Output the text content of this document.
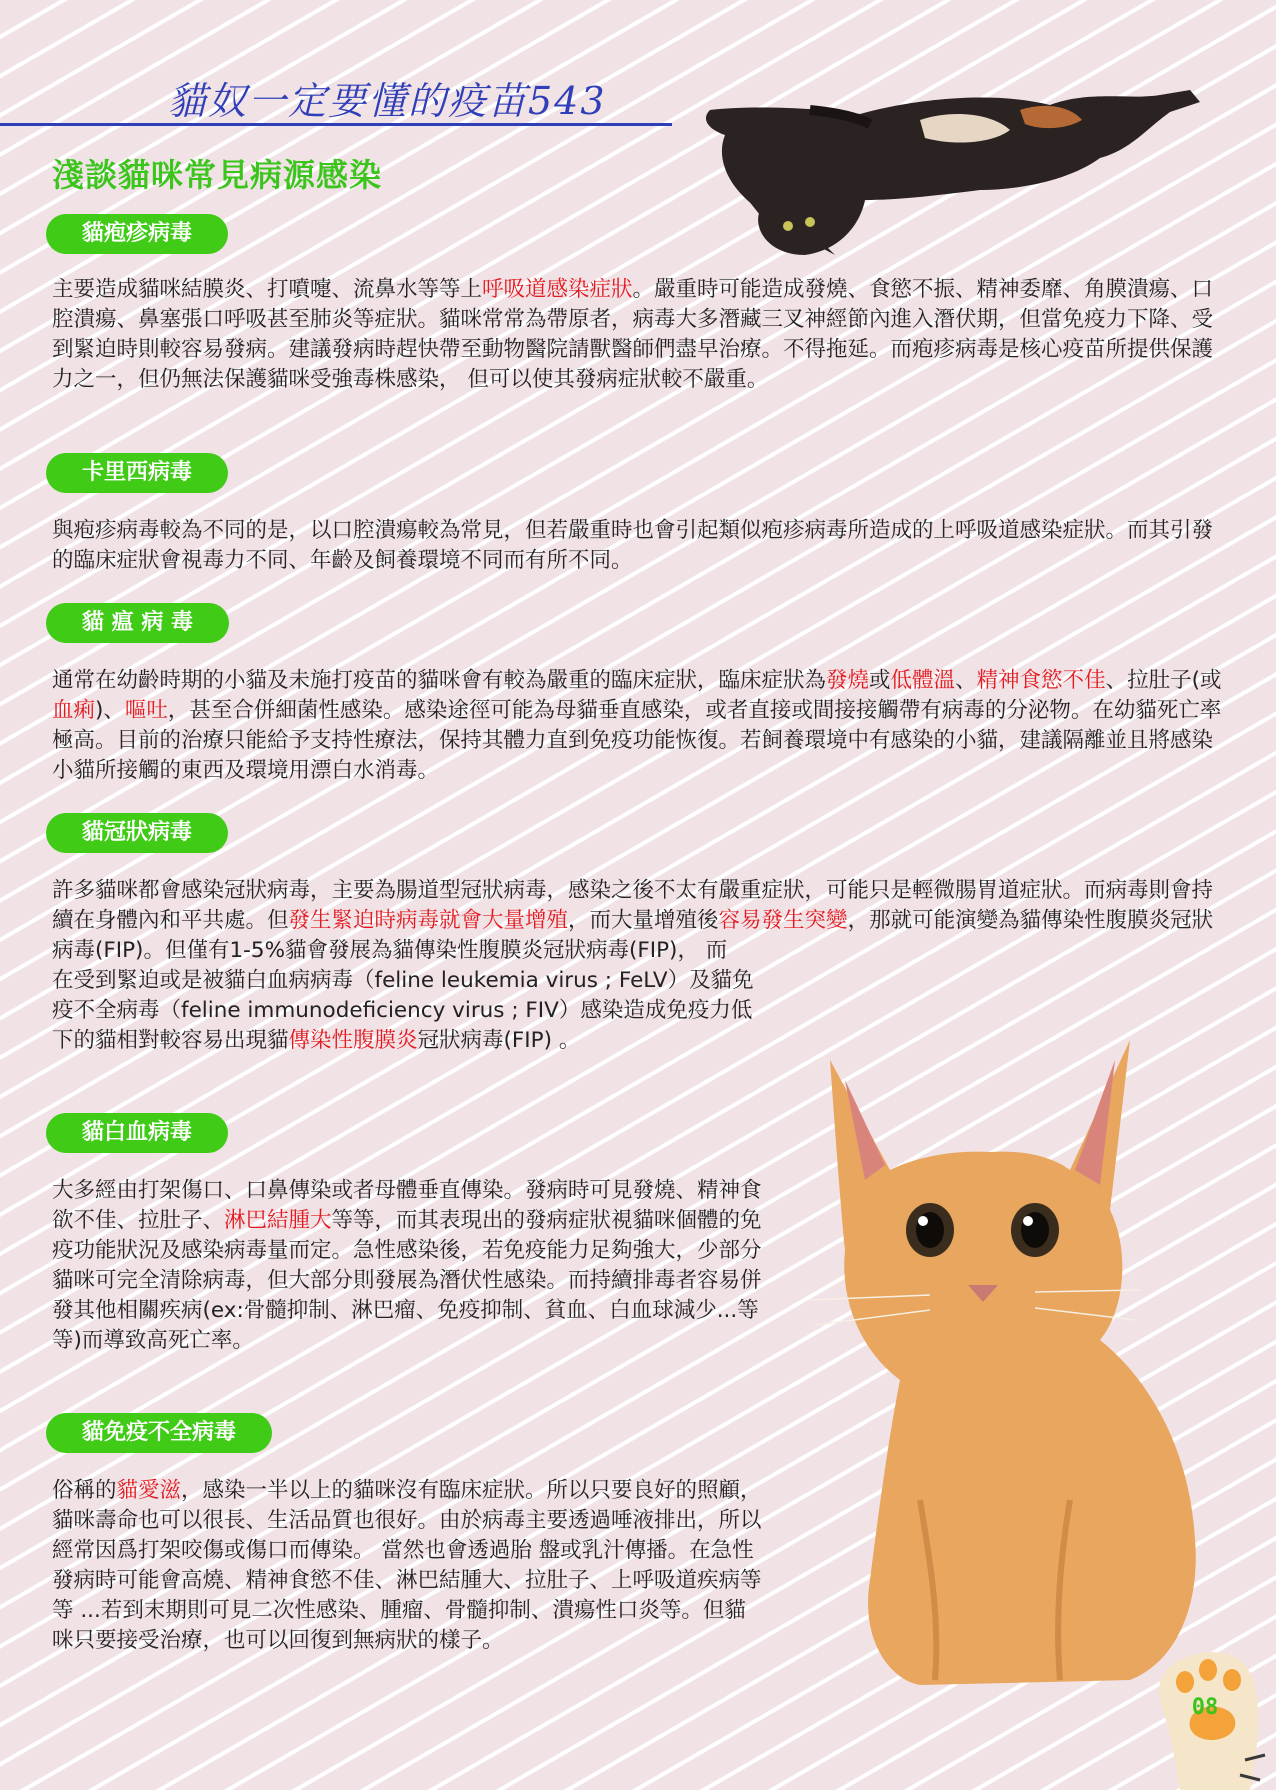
貓奴一定要懂的疫苗543
淺談貓咪常見病源感染
08
貓疱疹病毒
主要造成貓咪結膜炎、打噴嚏、流鼻水等等上呼吸道感染症狀。嚴重時可能造成發燒、食慾不振、精神委靡、角膜潰瘍、口腔潰瘍、鼻塞張口呼吸甚至肺炎等症狀。貓咪常常為帶原者，病毒大多潛藏三叉神經節內進入潛伏期，但當免疫力下降、受到緊迫時則較容易發病。建議發病時趕快帶至動物醫院請獸醫師們盡早治療。不得拖延。而疱疹病毒是核心疫苗所提供保護力之一，但仍無法保護貓咪受強毒株感染， 但可以使其發病症狀較不嚴重。
卡里西病毒
與疱疹病毒較為不同的是，以口腔潰瘍較為常見，但若嚴重時也會引起類似疱疹病毒所造成的上呼吸道感染症狀。而其引發的臨床症狀會視毒力不同、年齡及飼養環境不同而有所不同。
貓 瘟 病 毒
通常在幼齡時期的小貓及未施打疫苗的貓咪會有較為嚴重的臨床症狀，臨床症狀為發燒或低體溫、精神食慾不佳、拉肚子(或血痢)、嘔吐，甚至合併細菌性感染。感染途徑可能為母貓垂直感染，或者直接或間接接觸帶有病毒的分泌物。在幼貓死亡率極高。目前的治療只能給予支持性療法，保持其體力直到免疫功能恢復。若飼養環境中有感染的小貓，建議隔離並且將感染小貓所接觸的東西及環境用漂白水消毒。
貓冠狀病毒
許多貓咪都會感染冠狀病毒，主要為腸道型冠狀病毒，感染之後不太有嚴重症狀，可能只是輕微腸胃道症狀。而病毒則會持續在身體內和平共處。但發生緊迫時病毒就會大量增殖，而大量增殖後容易發生突變，那就可能演變為貓傳染性腹膜炎冠狀病毒(FIP)。但僅有1-5%貓會發展為貓傳染性腹膜炎冠狀病毒(FIP)， 而
在受到緊迫或是被貓白血病病毒（feline leukemia virus ; FeLV）及貓免疫不全病毒（feline immunodeficiency virus ; FIV）感染造成免疫力低下的貓相對較容易出現貓傳染性腹膜炎冠狀病毒(FIP) 。
貓白血病毒
大多經由打架傷口、口鼻傳染或者母體垂直傳染。發病時可見發燒、精神食欲不佳、拉肚子、淋巴結腫大等等，而其表現出的發病症狀視貓咪個體的免疫功能狀況及感染病毒量而定。急性感染後，若免疫能力足夠強大，少部分貓咪可完全清除病毒，但大部分則發展為潛伏性感染。而持續排毒者容易併發其他相關疾病(ex:骨髓抑制、淋巴瘤、免疫抑制、貧血、白血球減少...等等)而導致高死亡率。
貓免疫不全病毒
俗稱的貓愛滋，感染一半以上的貓咪沒有臨床症狀。所以只要良好的照顧，貓咪壽命也可以很長、生活品質也很好。由於病毒主要透過唾液排出，所以經常因爲打架咬傷或傷口而傳染。 當然也會透過胎 盤或乳汁傳播。在急性發病時可能會高燒、精神食慾不佳、淋巴結腫大、拉肚子、上呼吸道疾病等等 ...若到末期則可見二次性感染、腫瘤、骨髓抑制、潰瘍性口炎等。但貓咪只要接受治療，也可以回復到無病狀的樣子。
